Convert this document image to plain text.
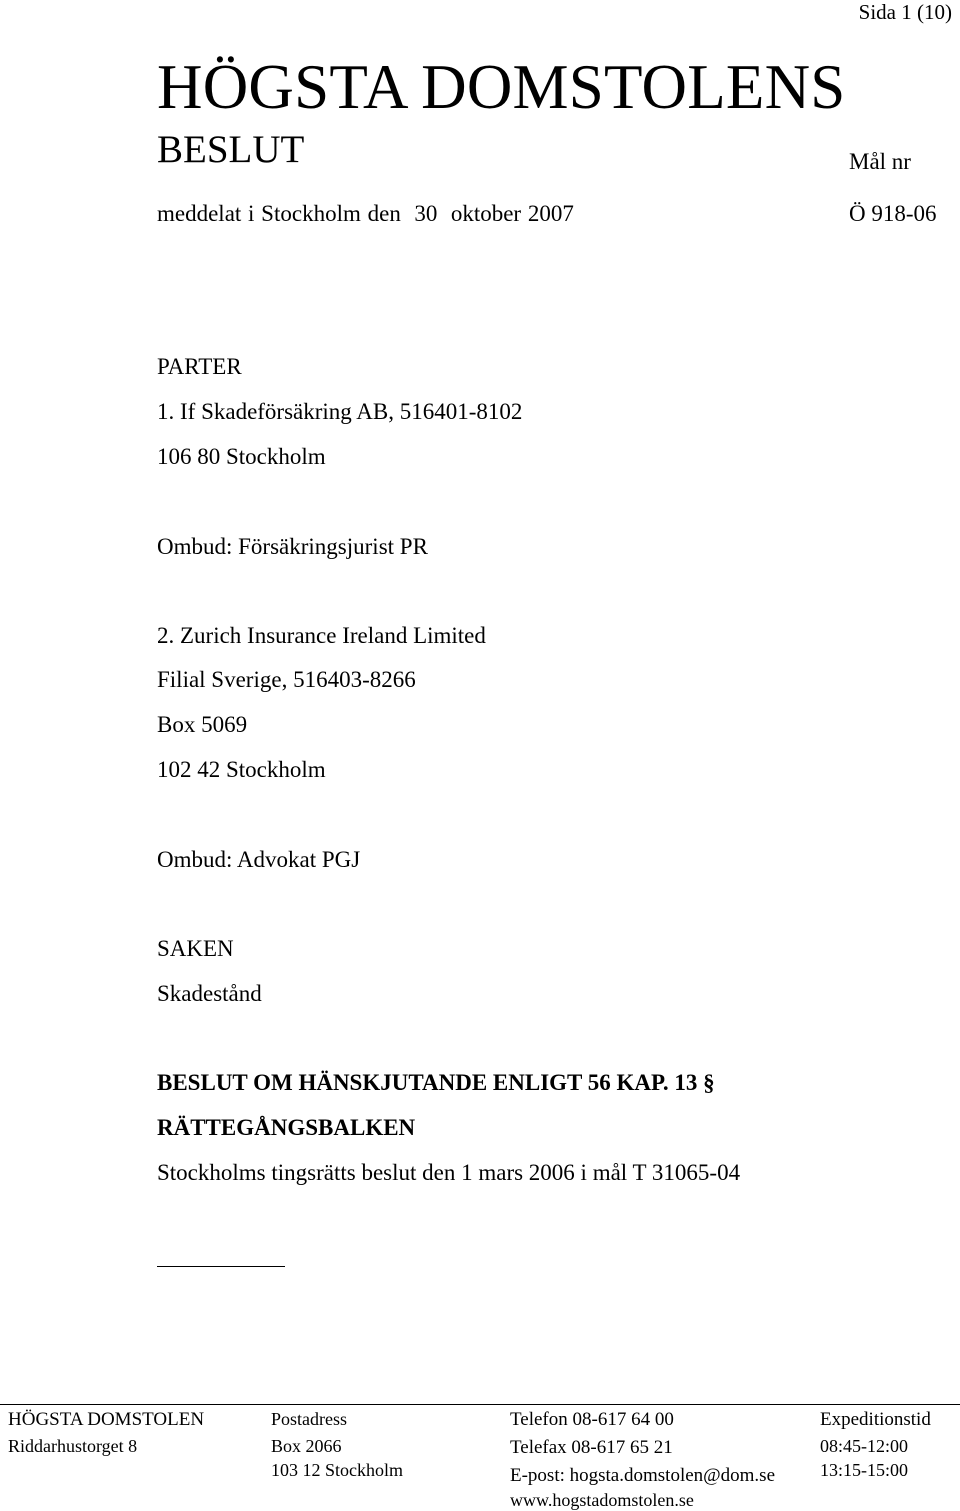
Sida 1 (10)
HÖGSTA DOMSTOLENS
BESLUT	Mål nr
meddelat i Stockholm den  30  oktober 2007	Ö 918-06
PARTER
1. If Skadeförsäkring AB, 516401-8102
106 80 Stockholm
Ombud: Försäkringsjurist PR
2. Zurich Insurance Ireland Limited
Filial Sverige, 516403-8266
Box 5069
102 42 Stockholm
Ombud: Advokat PGJ
SAKEN
Skadestånd
BESLUT OM HÄNSKJUTANDE ENLIGT 56 KAP. 13 §
RÄTTEGÅNGSBALKEN
Stockholms tingsrätts beslut den 1 mars 2006 i mål T 31065-04
HÖGSTA DOMSTOLEN
Riddarhustorget 8
Postadress
Box 2066
103 12 Stockholm
Telefon 08-617 64 00
Telefax 08-617 65 21
E-post: hogsta.domstolen@dom.se
www.hogstadomstolen.se
Expeditionstid
08:45-12:00
13:15-15:00
